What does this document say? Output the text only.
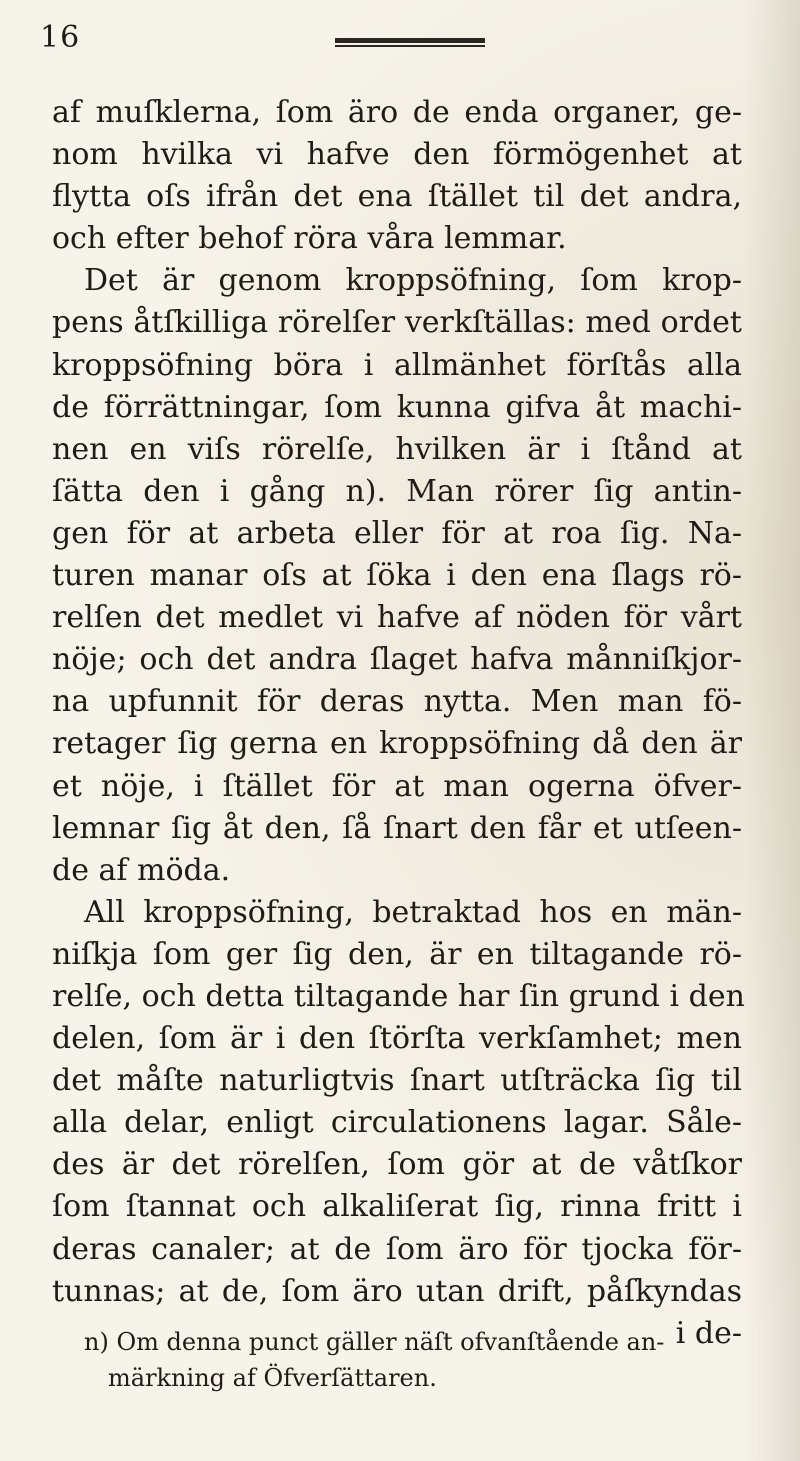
16
af muſklerna, ſom äro de enda organer, ge-
nom hvilka vi hafve den förmögenhet at
flytta oſs ifrån det ena ſtället til det andra,
och efter behof röra våra lemmar.
Det är genom kroppsöfning, ſom krop-
pens åtſkilliga rörelſer verkſtällas: med ordet
kroppsöfning böra i allmänhet förſtås alla
de förrättningar, ſom kunna gifva åt machi-
nen en viſs rörelſe, hvilken är i ſtånd at
ſätta den i gång n). Man rörer ſig antin-
gen för at arbeta eller för at roa ſig. Na-
turen manar oſs at ſöka i den ena ſlags rö-
relſen det medlet vi hafve af nöden för vårt
nöje; och det andra ſlaget hafva månniſkjor-
na upfunnit för deras nytta. Men man fö-
retager ſig gerna en kroppsöfning då den är
et nöje, i ſtället för at man ogerna öfver-
lemnar ſig åt den, ſå ſnart den får et utſeen-
de af möda.
All kroppsöfning, betraktad hos en män-
niſkja ſom ger ſig den, är en tiltagande rö-
relſe, och detta tiltagande har ſin grund i den
delen, ſom är i den ſtörſta verkſamhet; men
det måſte naturligtvis ſnart utſträcka ſig til
alla delar, enligt circulationens lagar. Såle-
des är det rörelſen, ſom gör at de våtſkor
ſom ſtannat och alkaliſerat ſig, rinna fritt i
deras canaler; at de ſom äro för tjocka för-
tunnas; at de, ſom äro utan drift, påſkyndas
i de-
n) Om denna punct gäller näſt ofvanſtående an-
märkning af Öfverſättaren.
